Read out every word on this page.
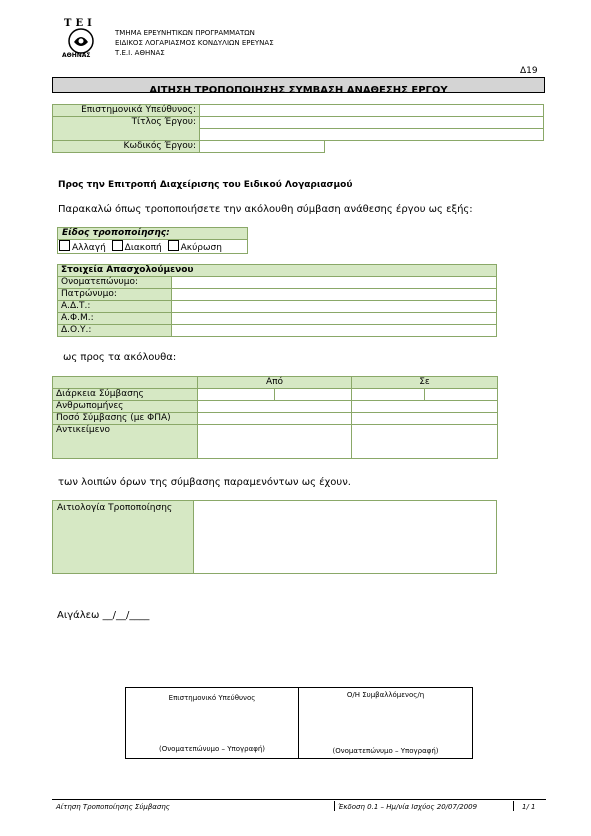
ΤΕΙ
ΑΘΗΝΑΣ
ΤΜΗΜΑ ΕΡΕΥΝΗΤΙΚΩΝ ΠΡΟΓΡΑΜΜΑΤΩΝ
ΕΙΔΙΚΟΣ ΛΟΓΑΡΙΑΣΜΟΣ ΚΟΝΔΥΛΙΩΝ ΕΡΕΥΝΑΣ
Τ.Ε.Ι. ΑΘΗΝΑΣ
Δ19
ΑΙΤΗΣΗ ΤΡΟΠΟΠΟΙΗΣΗΣ ΣΥΜΒΑΣΗ ΑΝΑΘΕΣΗΣ ΕΡΓΟΥ
Επιστημονικά Υπεύθυνος:		
Τίτλος Έργου:		

Κωδικός Έργου:		
Προς την Επιτροπή Διαχείρισης του Ειδικού Λογαριασμού
Παρακαλώ όπως τροποποιήσετε την ακόλουθη σύμβαση ανάθεσης έργου ως εξής:
Είδος τροποποίησης:
Αλλαγή Διακοπή Ακύρωση
Στοιχεία Απασχολούμενου	
Ονοματεπώνυμο:	
Πατρώνυμο:	
Α.Δ.Τ.:	
Α.Φ.Μ.:	
Δ.Ο.Υ.:	
ως προς τα ακόλουθα:
	Από		Σε	
Διάρκεια Σύμβασης				
Ανθρωπομήνες				
Ποσό Σύμβασης (με ΦΠΑ)				
Αντικείμενο				
των λοιπών όρων της σύμβασης παραμενόντων ως έχουν.
Αιτιολογία Τροποποίησης
Αιγάλεω __/__/____
Επιστημονικό Υπεύθυνος
(Ονοματεπώνυμο – Υπογραφή)
Ο/Η Συμβαλλόμενος/η
(Ονοματεπώνυμο – Υπογραφή)
Αίτηση Τροποποίησης Σύμβασης	Έκδοση 0.1 – Ημ/νία Ισχύος 20/07/2009	1/ 1
